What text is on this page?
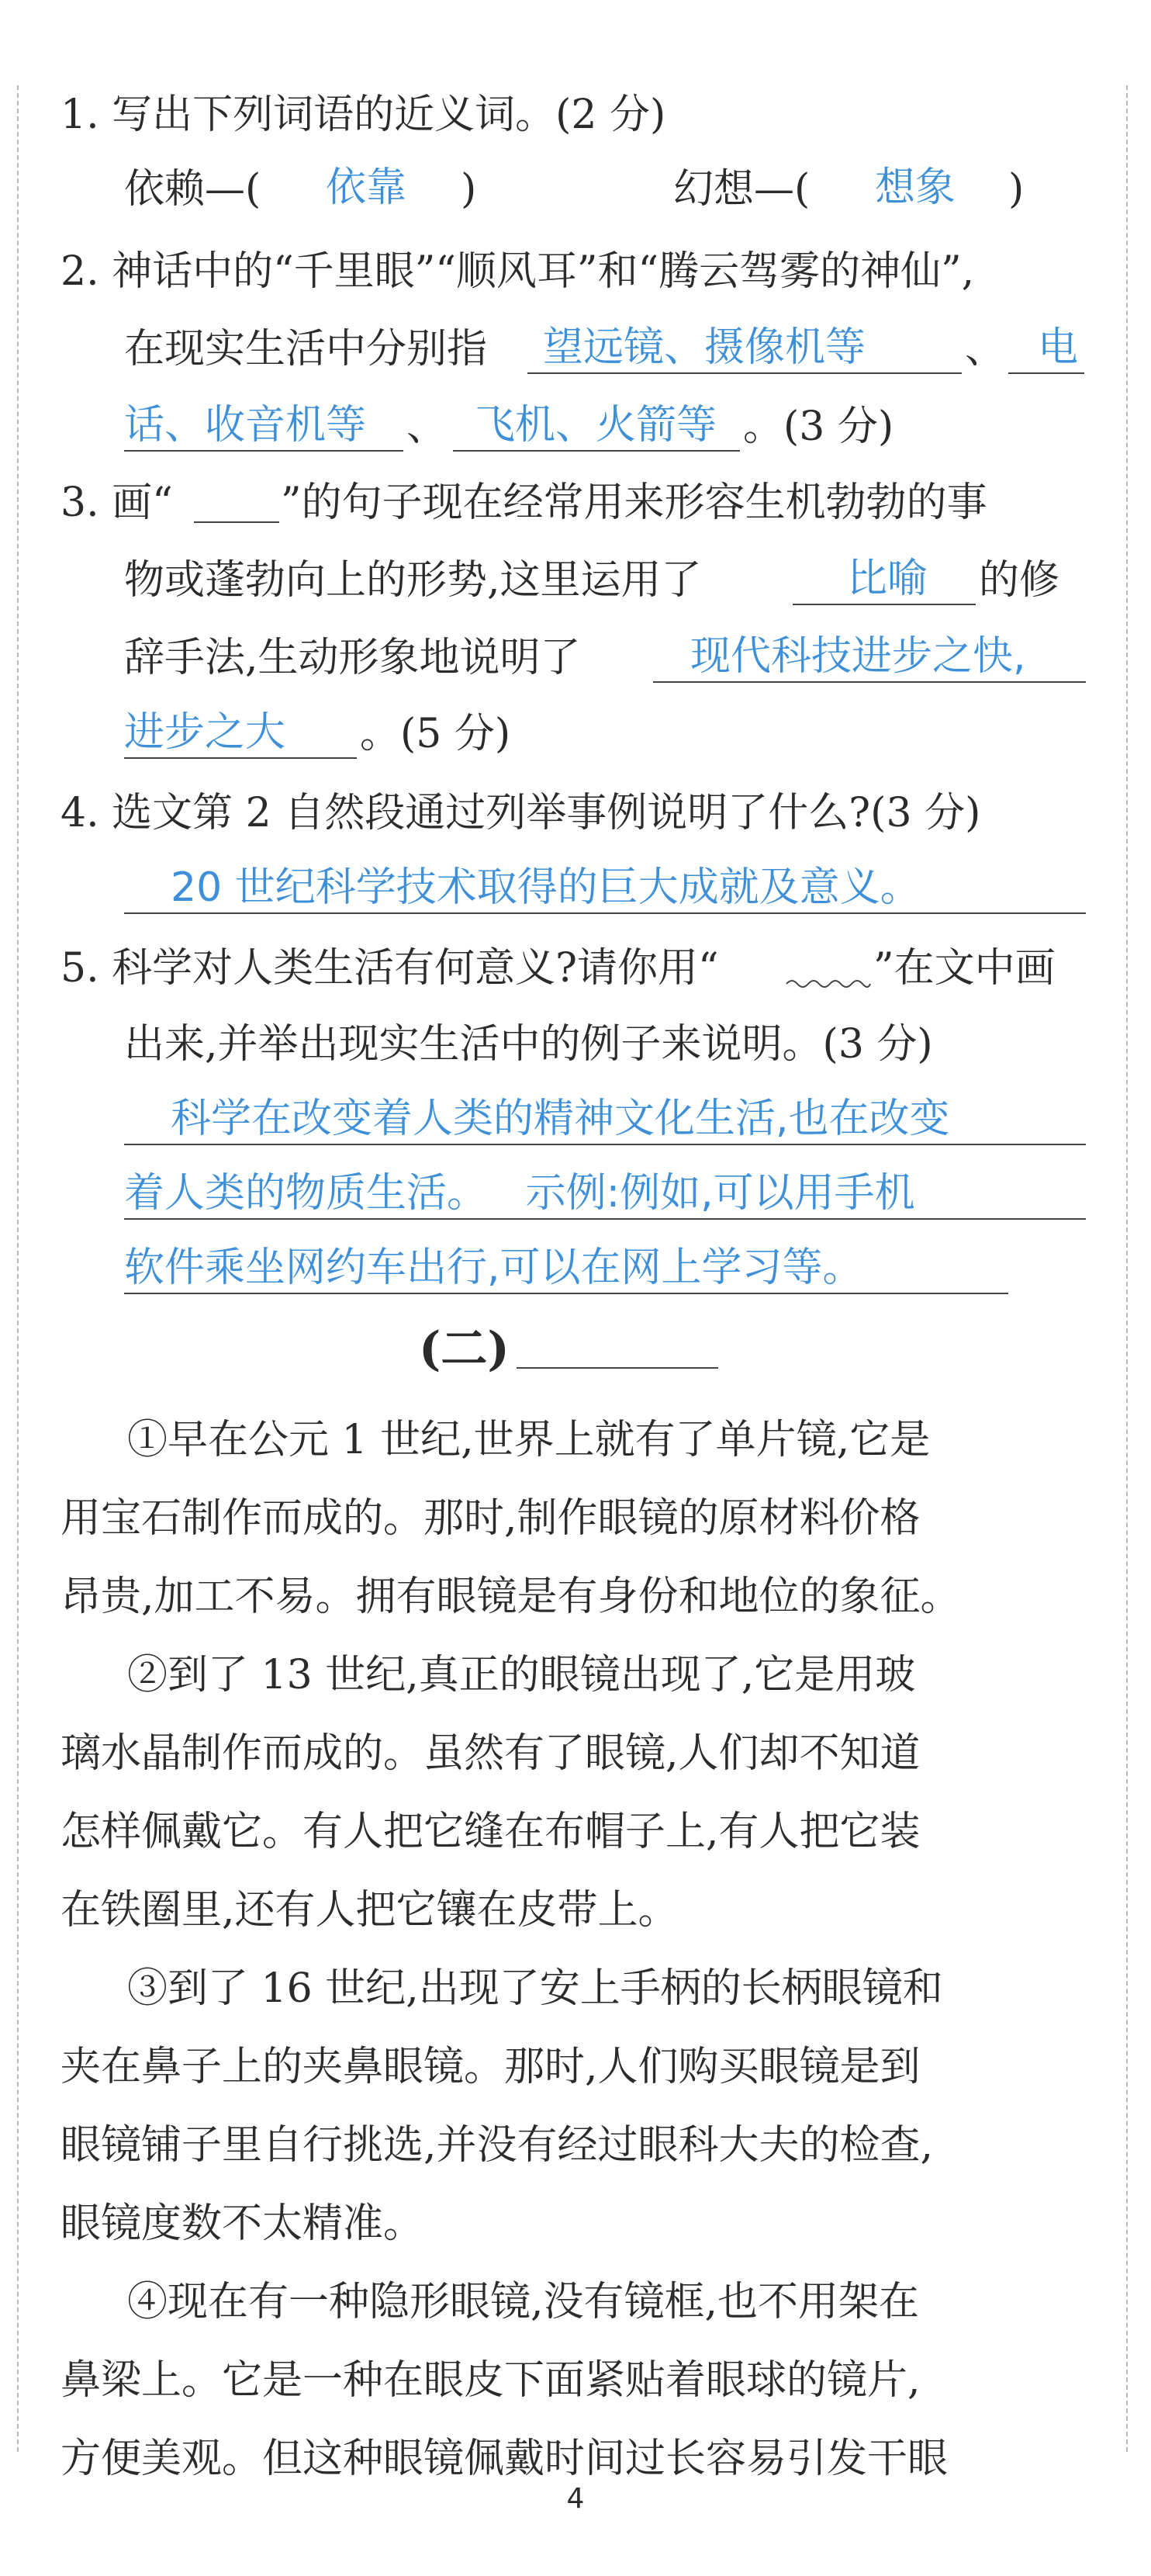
1. 写出下列词语的近义词。(2 分)
依赖—( 依靠 )	幻想—( 想象 )
2. 神话中的“千里眼”“顺风耳”和“腾云驾雾的神仙”,
在现实生活中分别指 望远镜、摄像机等 、 电
话、收音机等 、 飞机、火箭等 。(3 分)
3. 画“	”的句子现在经常用来形容生机勃勃的事
物或蓬勃向上的形势,这里运用了	比喻 的修
辞手法,生动形象地说明了	现代科技进步之快,
进步之大 。(5 分)
4. 选文第 2 自然段通过列举事例说明了什么?(3 分)
20 世纪科学技术取得的巨大成就及意义。
5. 科学对人类生活有何意义?请你用“	”在文中画
出来,并举出现实生活中的例子来说明。(3 分)
科学在改变着人类的精神文化生活,也在改变
着人类的物质生活。   示例:例如,可以用手机
软件乘坐网约车出行,可以在网上学习等。
(二)
①早在公元 1 世纪,世界上就有了单片镜,它是
用宝石制作而成的。那时,制作眼镜的原材料价格
昂贵,加工不易。拥有眼镜是有身份和地位的象征。
②到了 13 世纪,真正的眼镜出现了,它是用玻
璃水晶制作而成的。虽然有了眼镜,人们却不知道
怎样佩戴它。有人把它缝在布帽子上,有人把它装
在铁圈里,还有人把它镶在皮带上。
③到了 16 世纪,出现了安上手柄的长柄眼镜和
夹在鼻子上的夹鼻眼镜。那时,人们购买眼镜是到
眼镜铺子里自行挑选,并没有经过眼科大夫的检查,
眼镜度数不太精准。
④现在有一种隐形眼镜,没有镜框,也不用架在
鼻梁上。它是一种在眼皮下面紧贴着眼球的镜片,
方便美观。但这种眼镜佩戴时间过长容易引发干眼
4
